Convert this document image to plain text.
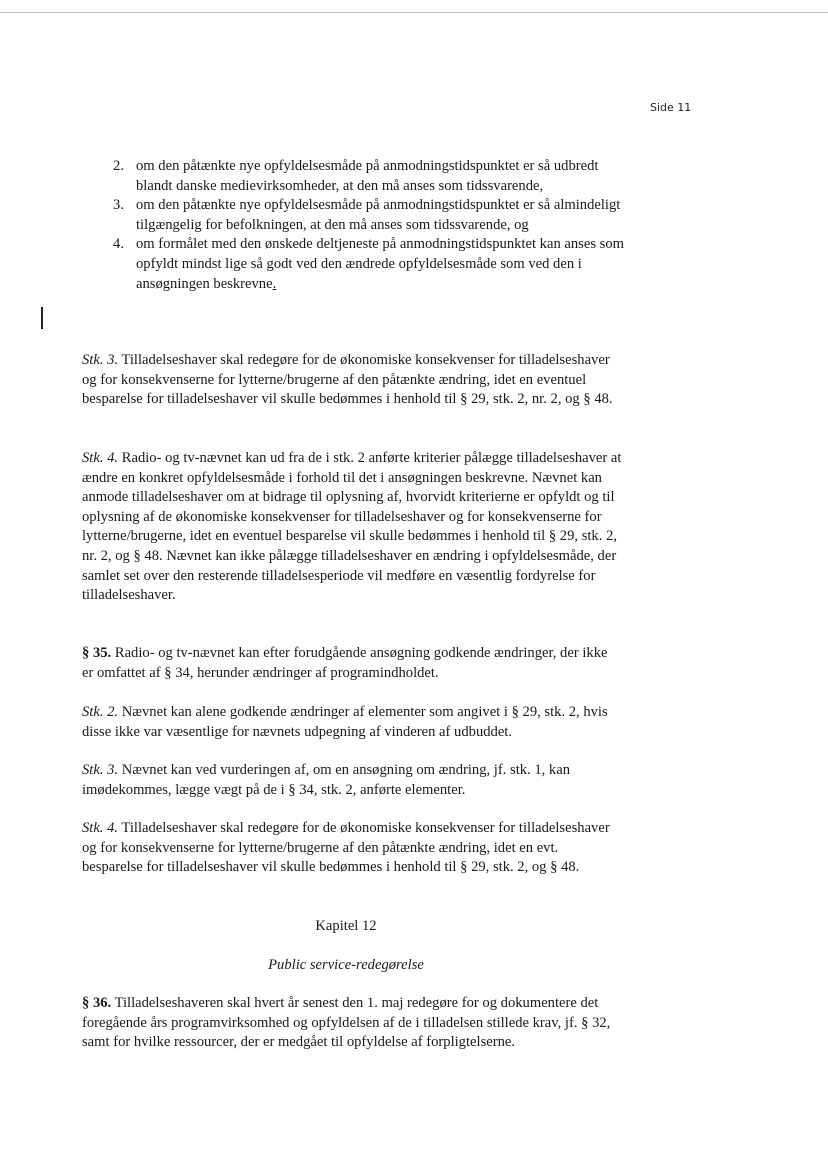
Side 11
2. om den påtænkte nye opfyldelsesmåde på anmodningstidspunktet er så udbredt blandt danske medievirksomheder, at den må anses som tidssvarende,
3. om den påtænkte nye opfyldelsesmåde på anmodningstidspunktet er så almindeligt tilgængelig for befolkningen, at den må anses som tidssvarende, og
4. om formålet med den ønskede deltjeneste på anmodningstidspunktet kan anses som opfyldt mindst lige så godt ved den ændrede opfyldelsesmåde som ved den i ansøgningen beskrevne.

Stk. 3. Tilladelseshaver skal redegøre for de økonomiske konsekvenser for tilladelseshaver og for konsekvenserne for lytterne/brugerne af den påtænkte ændring, idet en eventuel besparelse for tilladelseshaver vil skulle bedømmes i henhold til § 29, stk. 2, nr. 2, og § 48.

Stk. 4. Radio- og tv-nævnet kan ud fra de i stk. 2 anførte kriterier pålægge tilladelseshaver at ændre en konkret opfyldelsesmåde i forhold til det i ansøgningen beskrevne. Nævnet kan anmode tilladelseshaver om at bidrage til oplysning af, hvorvidt kriterierne er opfyldt og til oplysning af de økonomiske konsekvenser for tilladelseshaver og for konsekvenserne for lytterne/brugerne, idet en eventuel besparelse vil skulle bedømmes i henhold til § 29, stk. 2, nr. 2, og § 48. Nævnet kan ikke pålægge tilladelseshaver en ændring i opfyldelsesmåde, der samlet set over den resterende tilladelsesperiode vil medføre en væsentlig fordyrelse for tilladelseshaver.

§ 35. Radio- og tv-nævnet kan efter forudgående ansøgning godkende ændringer, der ikke er omfattet af § 34, herunder ændringer af programindholdet.

Stk. 2. Nævnet kan alene godkende ændringer af elementer som angivet i § 29, stk. 2, hvis disse ikke var væsentlige for nævnets udpegning af vinderen af udbuddet.

Stk. 3. Nævnet kan ved vurderingen af, om en ansøgning om ændring, jf. stk. 1, kan imødekommes, lægge vægt på de i § 34, stk. 2, anførte elementer.

Stk. 4. Tilladelseshaver skal redegøre for de økonomiske konsekvenser for tilladelseshaver og for konsekvenserne for lytterne/brugerne af den påtænkte ændring, idet en evt. besparelse for tilladelseshaver vil skulle bedømmes i henhold til § 29, stk. 2, og § 48.

Kapitel 12

Public service-redegørelse

§ 36. Tilladelseshaveren skal hvert år senest den 1. maj redegøre for og dokumentere det foregående års programvirksomhed og opfyldelsen af de i tilladelsen stillede krav, jf. § 32, samt for hvilke ressourcer, der er medgået til opfyldelse af forpligtelserne.
